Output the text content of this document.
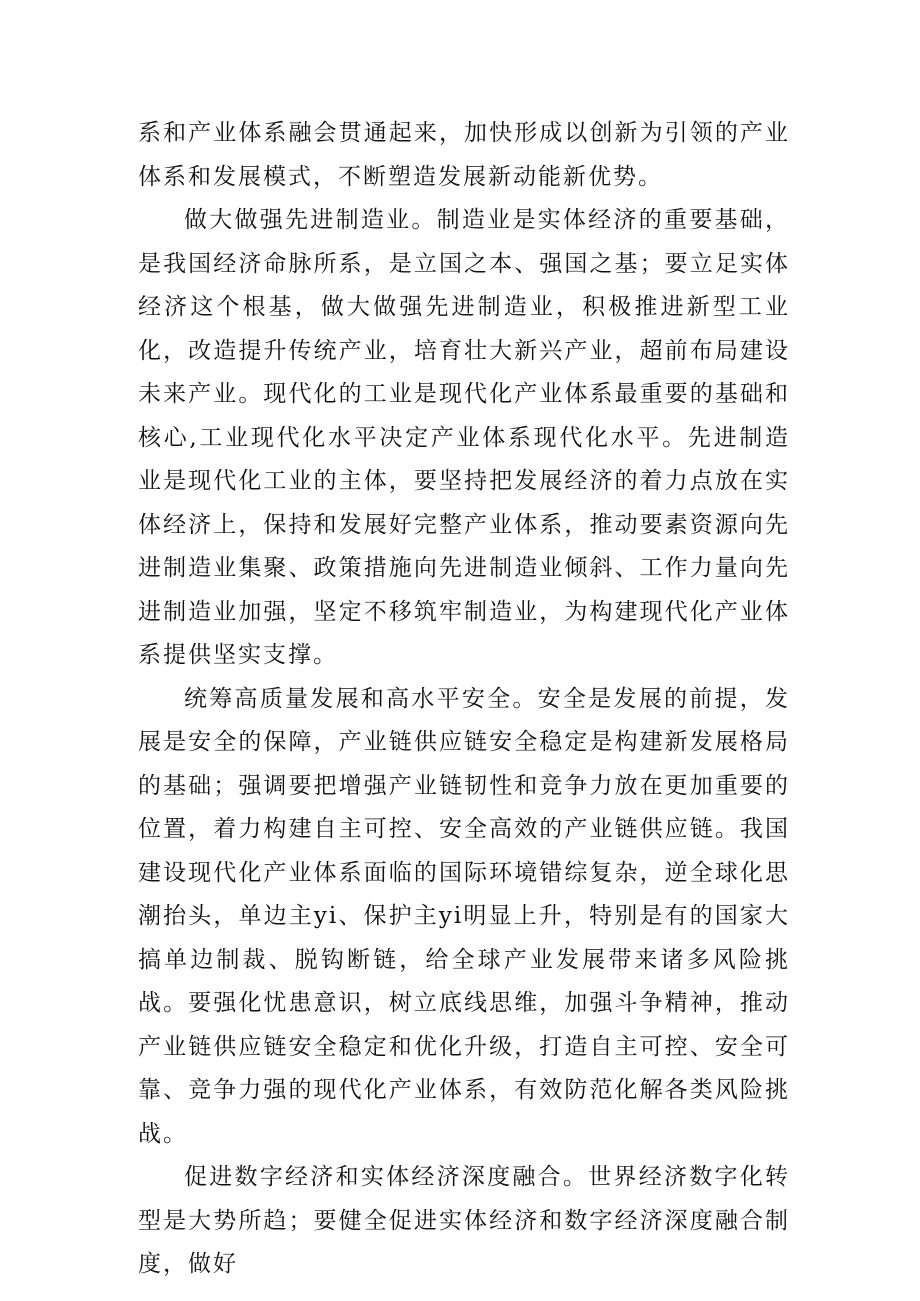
系和产业体系融会贯通起来，加快形成以创新为引领的产业体系和发展模式，不断塑造发展新动能新优势。

做大做强先进制造业。制造业是实体经济的重要基础，是我国经济命脉所系，是立国之本、强国之基；要立足实体经济这个根基，做大做强先进制造业，积极推进新型工业化，改造提升传统产业，培育壮大新兴产业，超前布局建设未来产业。现代化的工业是现代化产业体系最重要的基础和核心,工业现代化水平决定产业体系现代化水平。先进制造业是现代化工业的主体，要坚持把发展经济的着力点放在实体经济上，保持和发展好完整产业体系，推动要素资源向先进制造业集聚、政策措施向先进制造业倾斜、工作力量向先进制造业加强，坚定不移筑牢制造业，为构建现代化产业体系提供坚实支撑。

统筹高质量发展和高水平安全。安全是发展的前提，发展是安全的保障，产业链供应链安全稳定是构建新发展格局的基础；强调要把增强产业链韧性和竞争力放在更加重要的位置，着力构建自主可控、安全高效的产业链供应链。我国建设现代化产业体系面临的国际环境错综复杂，逆全球化思潮抬头，单边主yi、保护主yi明显上升，特别是有的国家大搞单边制裁、脱钩断链，给全球产业发展带来诸多风险挑战。要强化忧患意识，树立底线思维，加强斗争精神，推动产业链供应链安全稳定和优化升级，打造自主可控、安全可靠、竞争力强的现代化产业体系，有效防范化解各类风险挑战。

促进数字经济和实体经济深度融合。世界经济数字化转型是大势所趋；要健全促进实体经济和数字经济深度融合制度，做好
